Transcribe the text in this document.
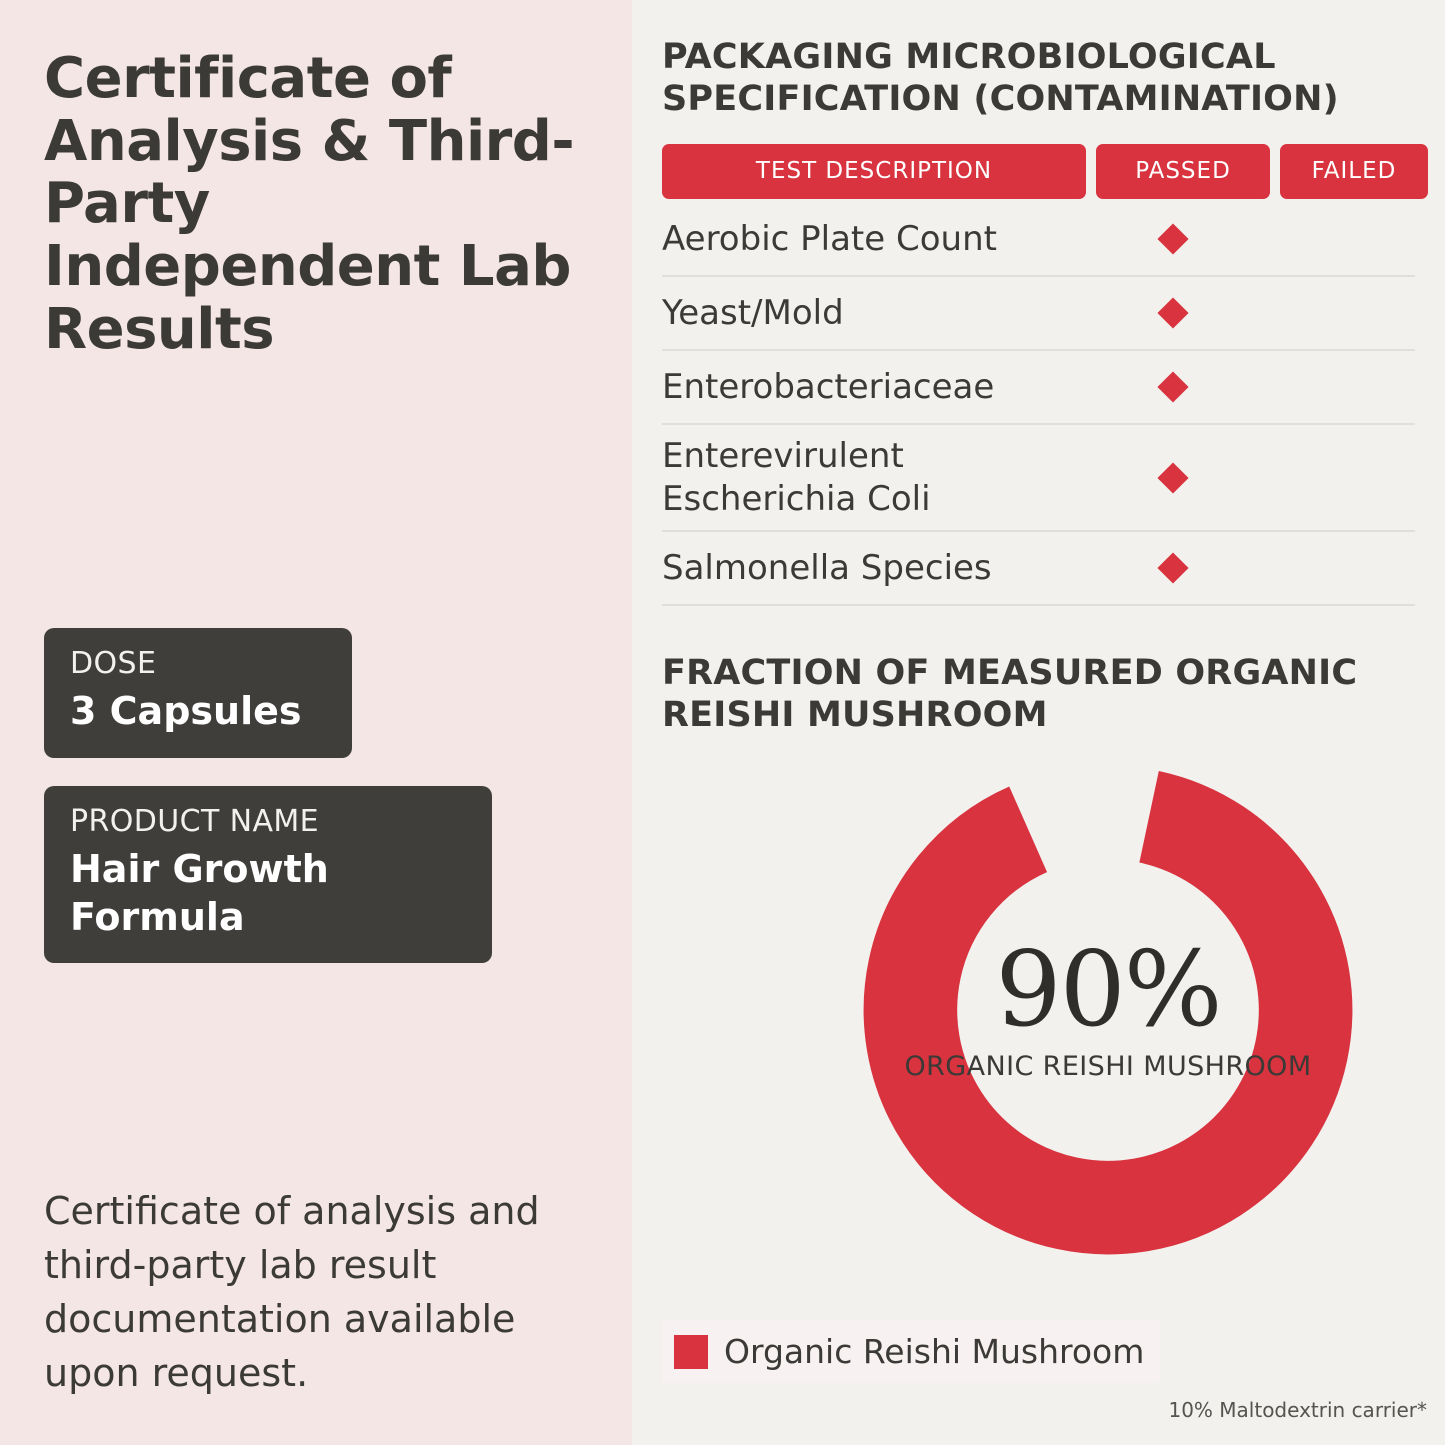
Certificate of Analysis & Third-Party Independent Lab Results
DOSE
3 Capsules
PRODUCT NAME
Hair Growth Formula
Certificate of analysis and third-party lab result documentation available upon request.
PACKAGING MICROBIOLOGICAL SPECIFICATION (CONTAMINATION)
TEST DESCRIPTION	PASSED	FAILED
Aerobic Plate Count
Yeast/Mold
Enterobacteriaceae
Enterevirulent Escherichia Coli
Salmonella Species
FRACTION OF MEASURED ORGANIC REISHI MUSHROOM
90%
ORGANIC REISHI MUSHROOM
Organic Reishi Mushroom
10% Maltodextrin carrier*
